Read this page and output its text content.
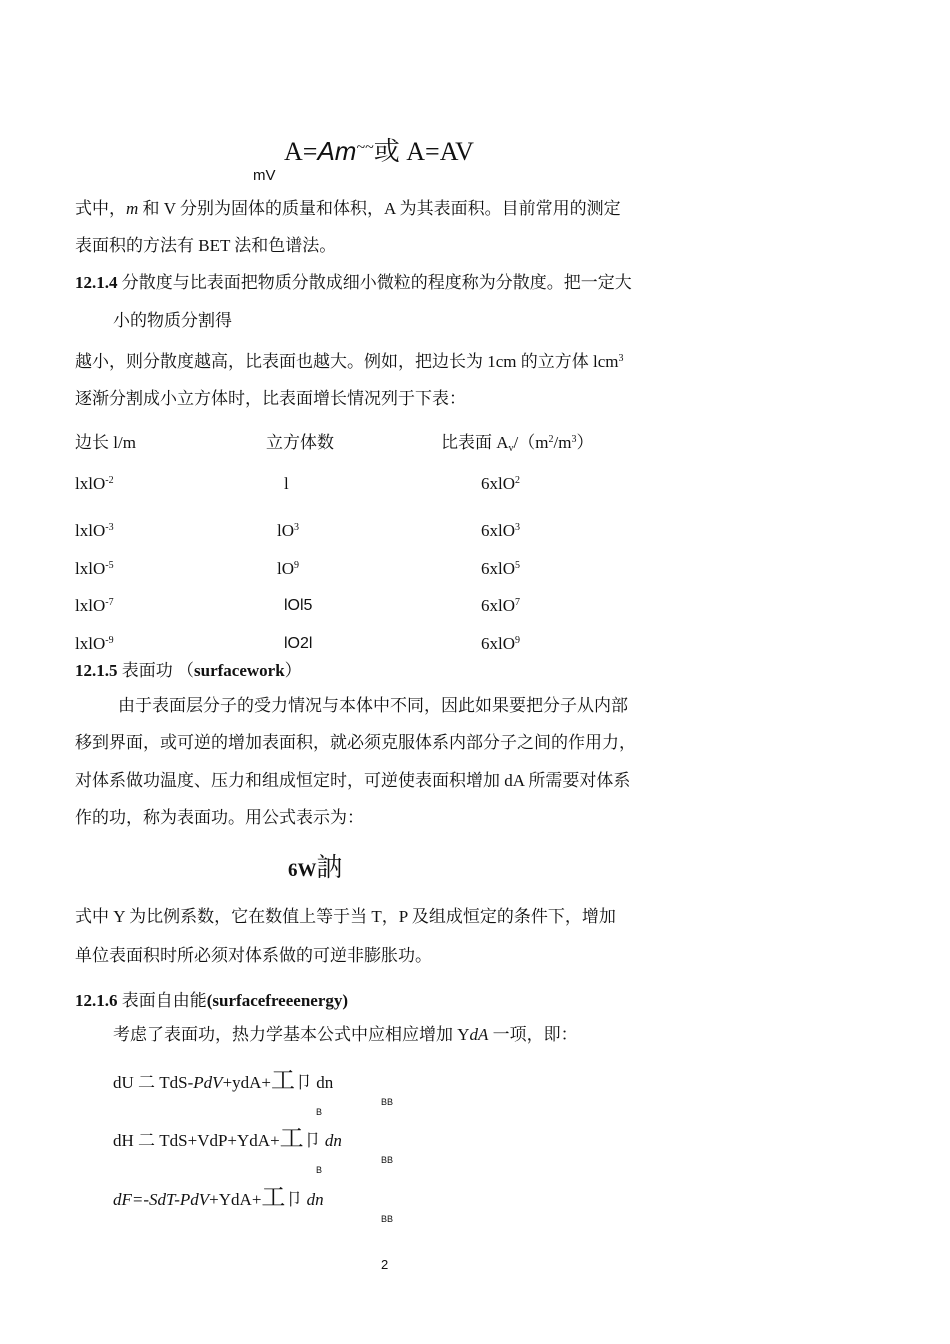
A=Am~~或 A=AV
mV
式中，m 和 V 分别为固体的质量和体积，A 为其表面积。目前常用的测定
表面积的方法有 BET 法和色谱法。
12.1.4 分散度与比表面把物质分散成细小微粒的程度称为分散度。把一定大
小的物质分割得
越小，则分散度越高，比表面也越大。例如，把边长为 1cm 的立方体 lcm$^3$
逐渐分割成小立方体时，比表面增长情况列于下表：
边长 l/m	立方体数	比表面 $A_v/(m^2/m^3)$
lxlO$^{-2}$	l	6xlO$^2$
lxlO$^{-3}$	$lO^3$	6xlO$^3$
lxlO$^{-5}$	$lO^9$	6xlO$^5$
lxlO$^{-7}$	lOl5	6xlO$^7$
lxlO$^{-9}$	lO2l	6xlO$^9$
12.1.5 表面功 （surfacework）
由于表面层分子的受力情况与本体中不同，因此如果要把分子从内部
移到界面，或可逆的增加表面积，就必须克服体系内部分子之间的作用力，
对体系做功温度、压力和组成恒定时，可逆使表面积增加 dA 所需要对体系
作的功，称为表面功。用公式表示为：
6W訥
式中 Y 为比例系数，它在数值上等于当 T，P 及组成恒定的条件下，增加
单位表面积时所必须对体系做的可逆非膨胀功。
12.1.6 表面自由能(surfacefreeenergy)
考虑了表面功，热力学基本公式中应相应增加 YdA 一项，即：
dU 二 TdS-PdV+ydA+工卩 dn
BB
B
dH 二 TdS+VdP+YdA+工卩 dn
BB
B
dF=-SdT-PdV+YdA+工卩 dn
BB
2
